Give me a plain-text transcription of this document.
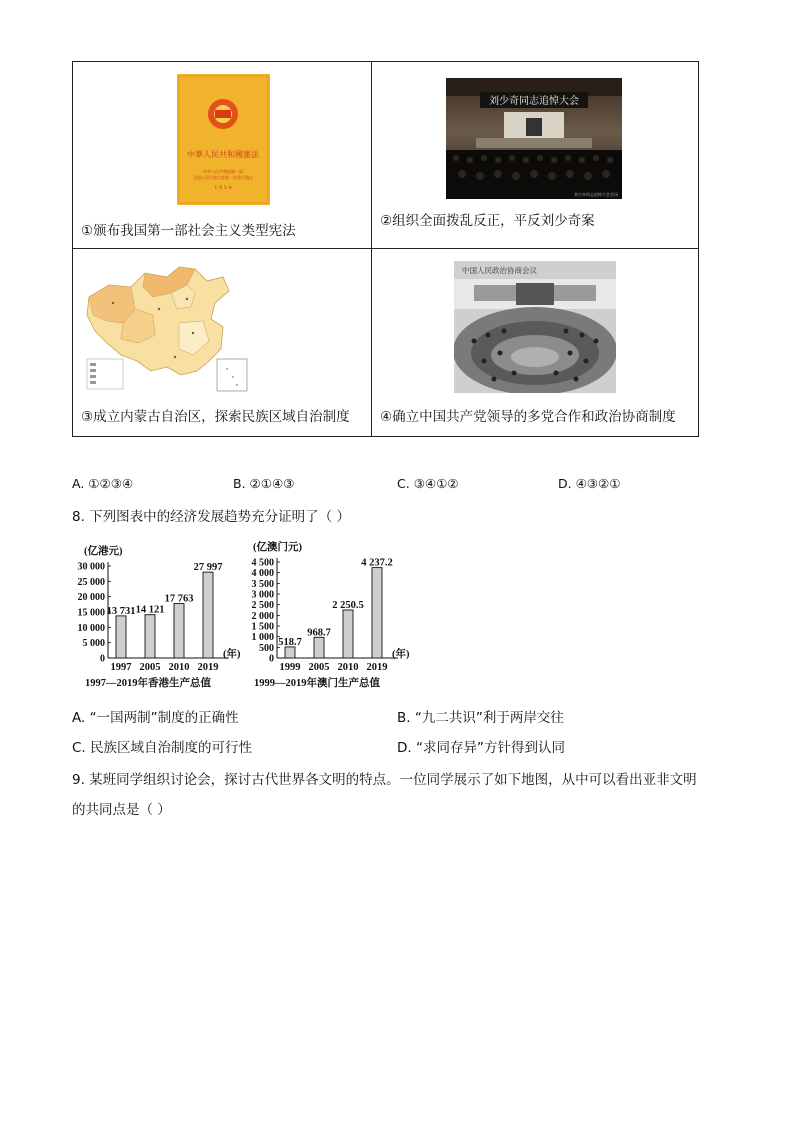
中華人民共和國憲法
中华人民共和国第一届
全国人民代表大会第一次会议通过
1 9 5 4
①颁布我国第一部社会主义类型宪法	刘少奇同志追悼大会
刘少奇同志追悼大会会场
②组织全面拨乱反正，平反刘少奇案

③成立内蒙古自治区，探索民族区域自治制度	中国人民政治协商会议
④确立中国共产党领导的多党合作和政治协商制度
A. ①②③④	B. ②①④③	C. ③④①②	D. ④③②①
8. 下列图表中的经济发展趋势充分证明了（ ）
(亿港元)
0
5 000
10 000
15 000
20 000
25 000
30 000
13 731
1997
14 121
2005
17 763
2010
27 997
2019
(年)
1997—2019年香港生产总值
(亿澳门元)
0
500
1 000
1 500
2 000
2 500
3 000
3 500
4 000
4 500
518.7
1999
968.7
2005
2 250.5
2010
4 237.2
2019
(年)
1999—2019年澳门生产总值
A. “一国两制”制度的正确性	B. “九二共识”利于两岸交往
C. 民族区域自治制度的可行性	D. “求同存异”方针得到认同
9. 某班同学组织讨论会，探讨古代世界各文明的特点。一位同学展示了如下地图，从中可以看出亚非文明
的共同点是（ ）
